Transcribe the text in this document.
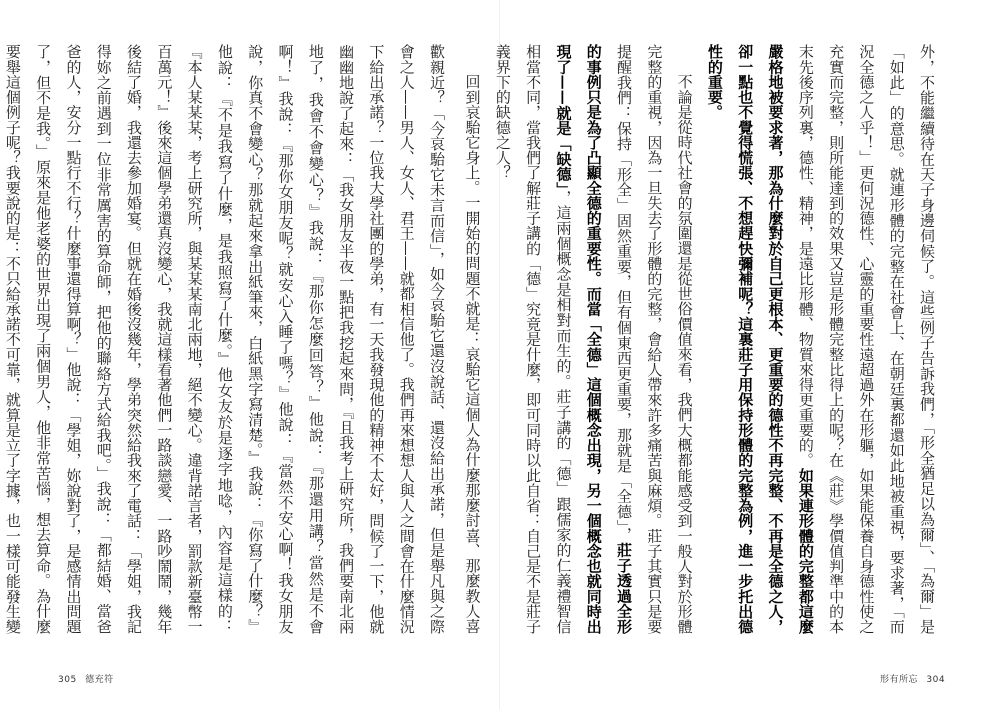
外，不能繼續待在天子身邊伺候了。這些例子告訴我們，「形全猶足以為爾」、「為爾」是「如此」的意思。就連形體的完整在社會上、在朝廷裏都還如此地被重視，要求著，「而況全德之人乎！」更何況德性、心靈的重要性遠超過外在形軀，如果能保養自身德性使之充實而完整，則所能達到的效果又豈是形體完整比得上的呢？在《莊》學價值判準中的本末先後序列裏，德性、精神，是遠比形體、物質來得更重要的。如果連形體的完整都這麼嚴格地被要求著，那為什麼對於自己更根本、更重要的德性不再完整、不再是全德之人，卻一點也不覺得慌張、不想趕快彌補呢？這裏莊子用保持形體的完整為例，進一步托出德性的重要。

不論是從時代社會的氛圍還是從世俗價值來看，我們大概都能感受到一般人對於形體完整的重視，因為一旦失去了形體的完整，會給人帶來許多痛苦與麻煩。莊子其實只是要提醒我們：保持「形全」固然重要，但有個東西更重要，那就是「全德」，莊子透過全形的事例只是為了凸顯全德的重要性。而當「全德」這個概念出現，另一個概念也就同時出現了——就是「缺德」，這兩個概念是相對而生的。莊子講的「德」跟儒家的仁義禮智信相當不同，當我們了解莊子講的「德」究竟是什麼，即可同時以此自省：自己是不是莊子義界下的缺德之人？

回到哀駘它身上。一開始的問題不就是：哀駘它這個人為什麼那麼討喜、那麼教人喜

歡親近？「今哀駘它未言而信」，如今哀駘它還沒說話、還沒給出承諾，但是舉凡與之際會之人——男人、女人、君王——就都相信他了。我們再來想想人與人之間會在什麼情況下給出承諾？一位我大學社團的學弟，有一天我發現他的精神不太好，問候了一下，他就幽幽地說了起來：「我女朋友半夜一點把我挖起來問，『且我考上研究所，我們要南北兩地了，我會不會變心？』我說：『那你怎麼回答？』他說：『那還用講？當然是不會啊！』我說：『那你女朋友呢？就安心入睡了嗎？』他說：『當然不安心啊！我女朋友說，你真不會變心？那就起來拿出紙筆來，白紙黑字寫清楚。』我說：『你寫了什麼？』他說：『不是我寫了什麼，是我照寫了什麼。』他女友於是逐字地唸，內容是這樣的：『本人某某某，考上研究所，與某某某南北兩地，絕不變心。違背諾言者，罰款新臺幣一百萬元！』後來這個學弟還真沒變心，我就這樣看著他們一路談戀愛、一路吵鬧鬧，幾年後結了婚，我還去參加婚宴。但就在婚後沒幾年，學弟突然給我來了電話：「學姐，我記得妳之前遇到一位非常厲害的算命師，把他的聯絡方式給我吧。」我說：「都結婚、當爸爸的人，安分一點行不行？什麼事還得算啊？」他說：「學姐，妳說對了，是感情出問題了，但不是我。」原來是他老婆的世界出現了兩個男人，他非常苦惱，想去算命。為什麼要舉這個例子呢？我要說的是：不只給承諾不可靠，就算是立了字據，也一樣可能發生變

305 德充符	形有所忘 304
